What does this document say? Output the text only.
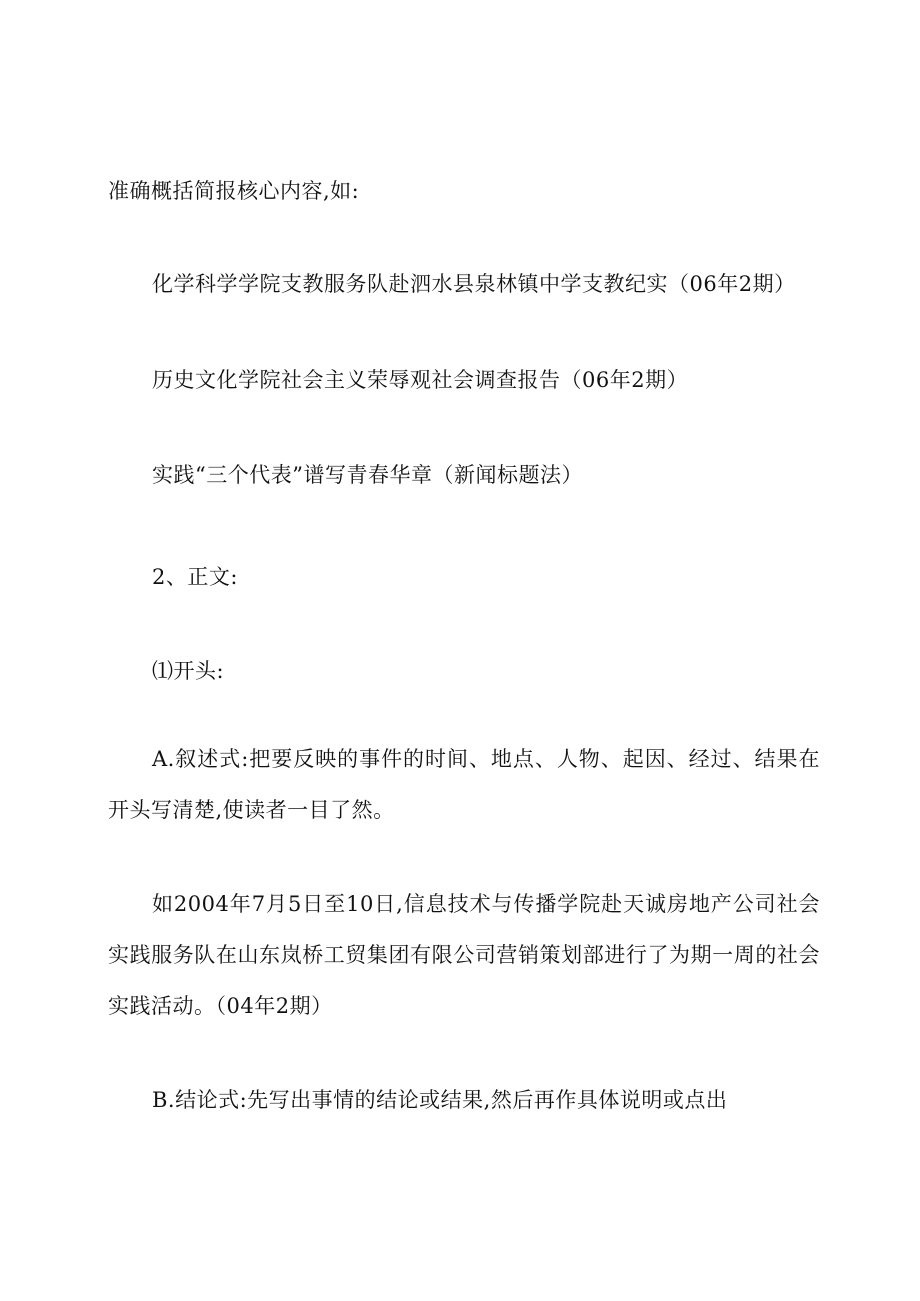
准确概括简报核心内容,如:

化学科学学院支教服务队赴泗水县泉林镇中学支教纪实（06年2期）

历史文化学院社会主义荣辱观社会调查报告（06年2期）

实践“三个代表”谱写青春华章（新闻标题法）

2、正文:

⑴开头:

A.叙述式:把要反映的事件的时间、地点、人物、起因、经过、结果在开头写清楚,使读者一目了然。

如2004年7月5日至10日,信息技术与传播学院赴天诚房地产公司社会实践服务队在山东岚桥工贸集团有限公司营销策划部进行了为期一周的社会实践活动。（04年2期）

B.结论式:先写出事情的结论或结果,然后再作具体说明或点出
